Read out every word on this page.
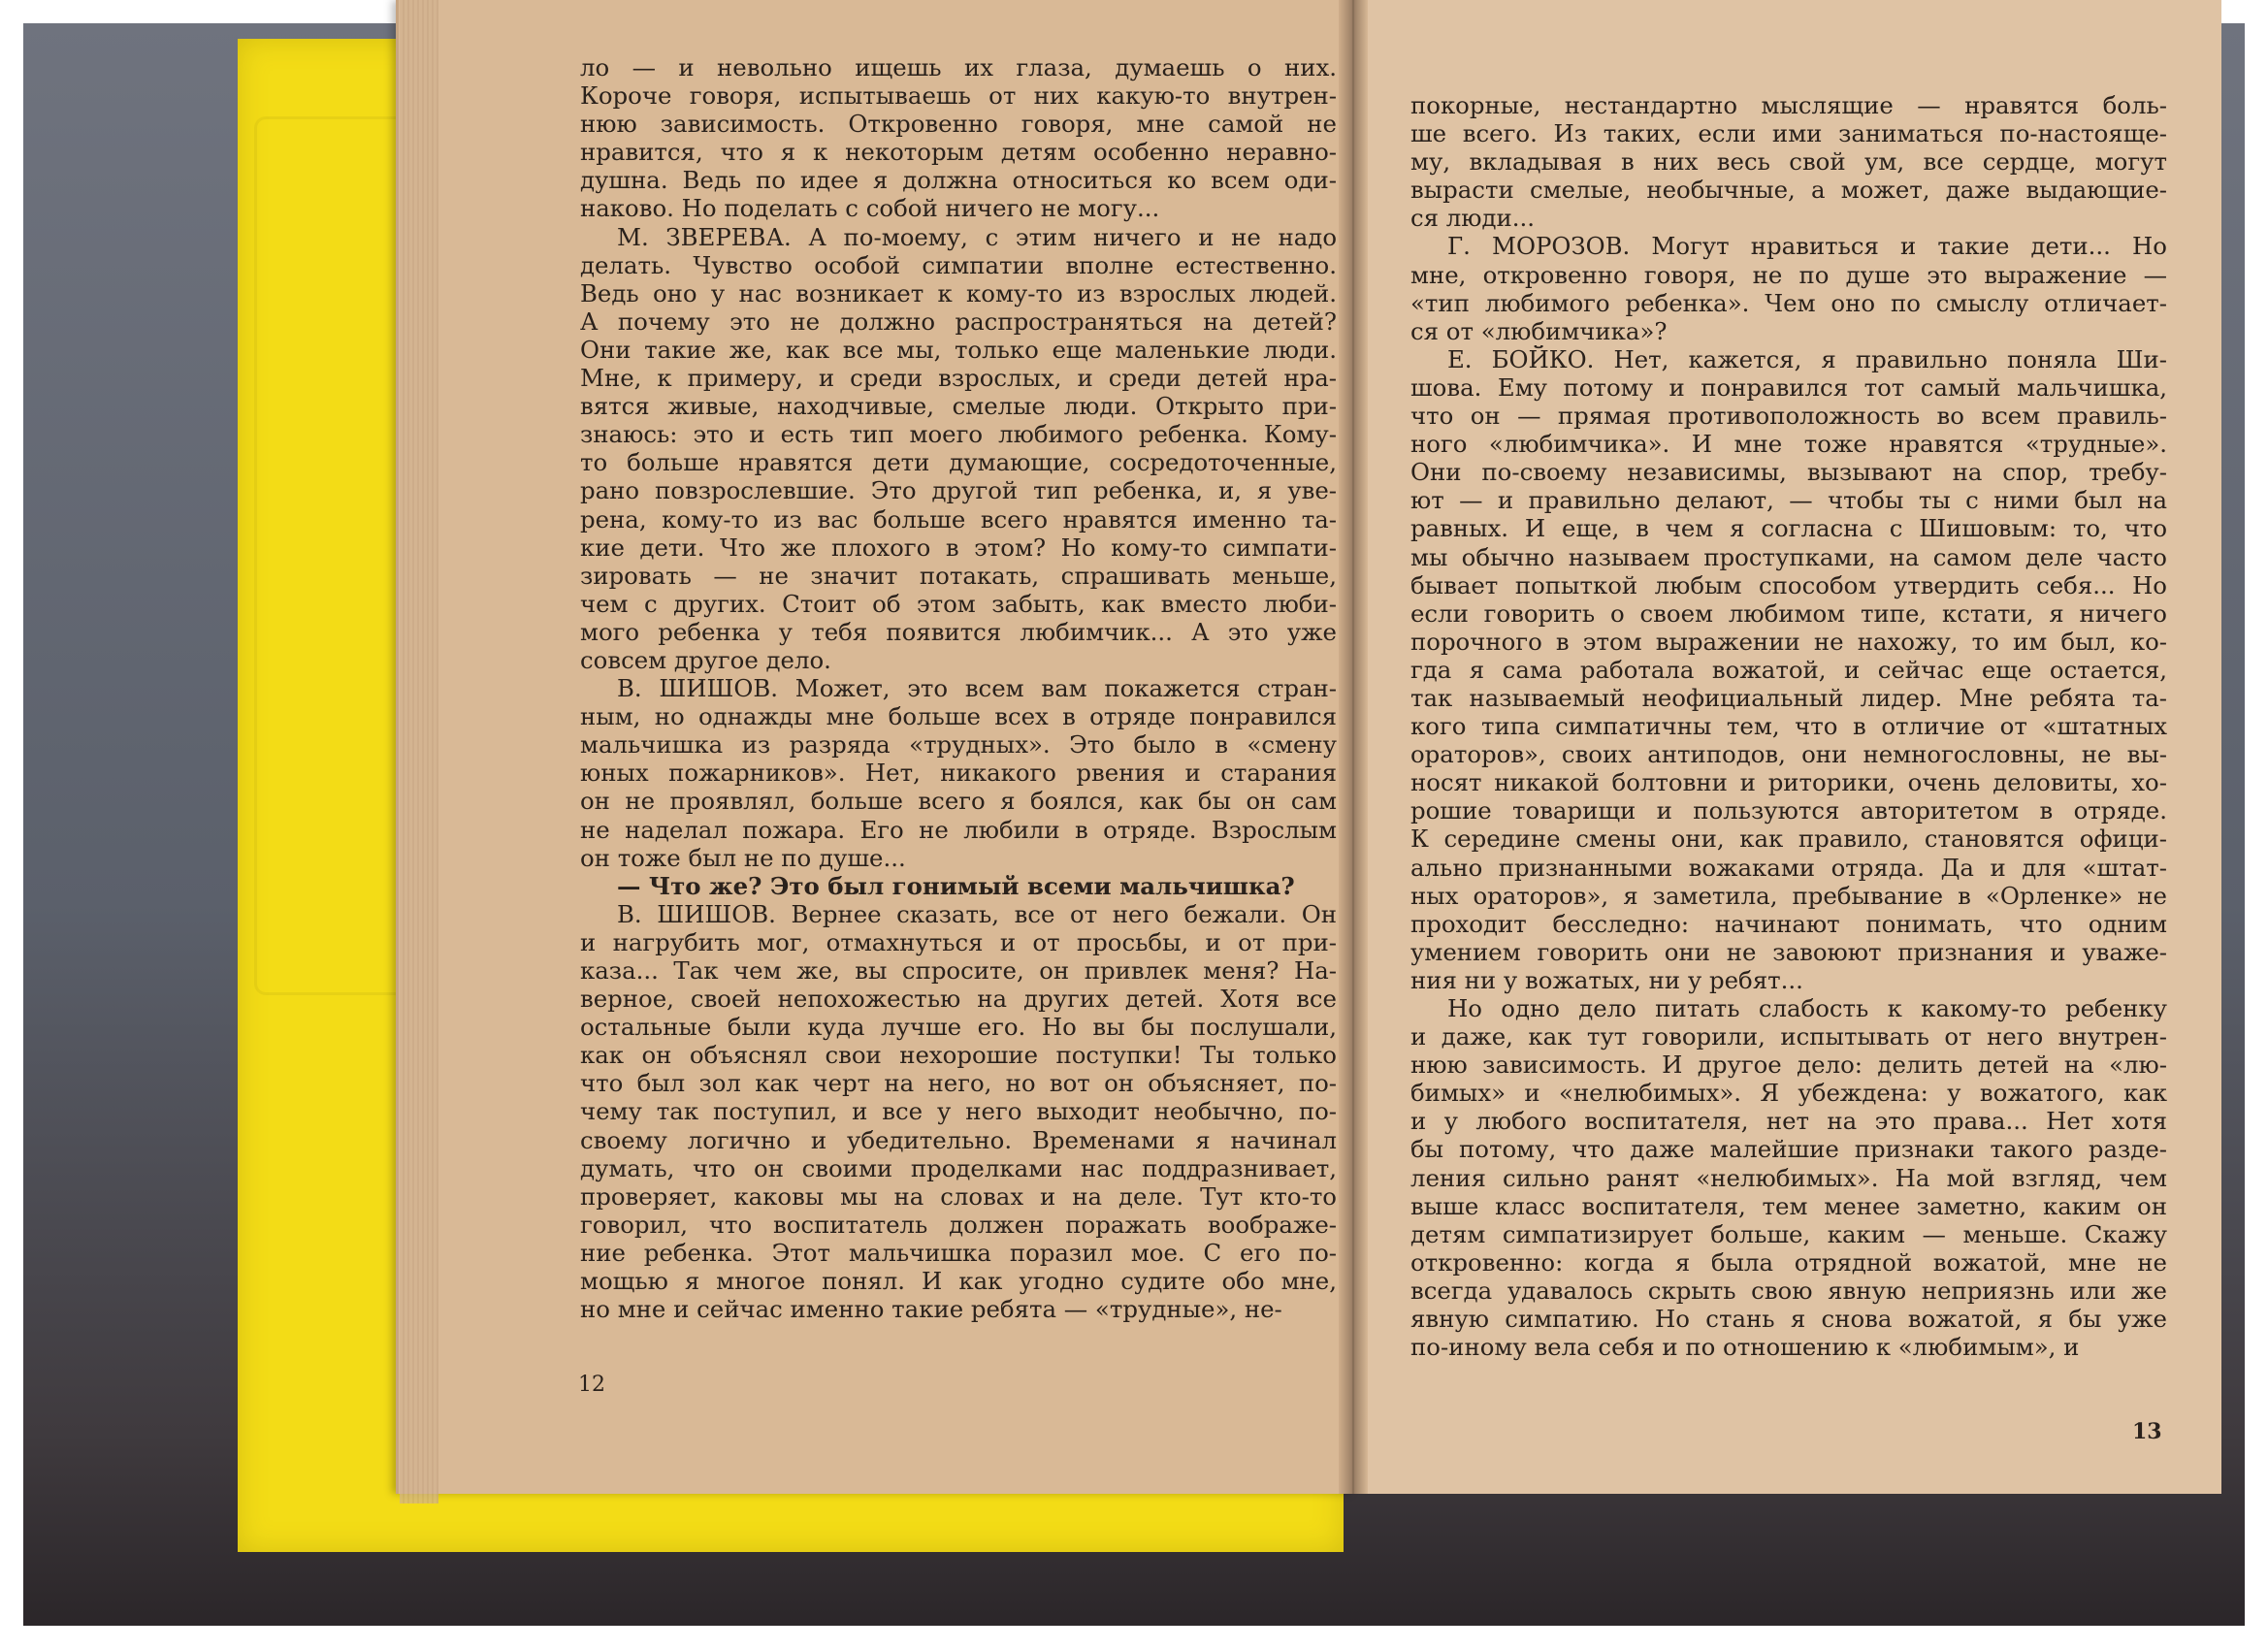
ло — и невольно ищешь их глаза, думаешь о них.
Короче говоря, испытываешь от них какую-то внутрен-
нюю зависимость. Откровенно говоря, мне самой не
нравится, что я к некоторым детям особенно неравно-
душна. Ведь по идее я должна относиться ко всем оди-
наково. Но поделать с собой ничего не могу...
М. ЗВЕРЕВА. А по-моему, с этим ничего и не надо
делать. Чувство особой симпатии вполне естественно.
Ведь оно у нас возникает к кому-то из взрослых людей.
А почему это не должно распространяться на детей?
Они такие же, как все мы, только еще маленькие люди.
Мне, к примеру, и среди взрослых, и среди детей нра-
вятся живые, находчивые, смелые люди. Открыто при-
знаюсь: это и есть тип моего любимого ребенка. Кому-
то больше нравятся дети думающие, сосредоточенные,
рано повзрослевшие. Это другой тип ребенка, и, я уве-
рена, кому-то из вас больше всего нравятся именно та-
кие дети. Что же плохого в этом? Но кому-то симпати-
зировать — не значит потакать, спрашивать меньше,
чем с других. Стоит об этом забыть, как вместо люби-
мого ребенка у тебя появится любимчик... А это уже
совсем другое дело.
В. ШИШОВ. Может, это всем вам покажется стран-
ным, но однажды мне больше всех в отряде понравился
мальчишка из разряда «трудных». Это было в «смену
юных пожарников». Нет, никакого рвения и старания
он не проявлял, больше всего я боялся, как бы он сам
не наделал пожара. Его не любили в отряде. Взрослым
он тоже был не по душе...
— Что же? Это был гонимый всеми мальчишка?
В. ШИШОВ. Вернее сказать, все от него бежали. Он
и нагрубить мог, отмахнуться и от просьбы, и от при-
каза... Так чем же, вы спросите, он привлек меня? На-
верное, своей непохожестью на других детей. Хотя все
остальные были куда лучше его. Но вы бы послушали,
как он объяснял свои нехорошие поступки! Ты только
что был зол как черт на него, но вот он объясняет, по-
чему так поступил, и все у него выходит необычно, по-
своему логично и убедительно. Временами я начинал
думать, что он своими проделками нас поддразнивает,
проверяет, каковы мы на словах и на деле. Тут кто-то
говорил, что воспитатель должен поражать воображе-
ние ребенка. Этот мальчишка поразил мое. С его по-
мощью я многое понял. И как угодно судите обо мне,
но мне и сейчас именно такие ребята — «трудные», не-
покорные, нестандартно мыслящие — нравятся боль-
ше всего. Из таких, если ими заниматься по-настояще-
му, вкладывая в них весь свой ум, все сердце, могут
вырасти смелые, необычные, а может, даже выдающие-
ся люди...
Г. МОРОЗОВ. Могут нравиться и такие дети... Но
мне, откровенно говоря, не по душе это выражение —
«тип любимого ребенка». Чем оно по смыслу отличает-
ся от «любимчика»?
Е. БОЙКО. Нет, кажется, я правильно поняла Ши-
шова. Ему потому и понравился тот самый мальчишка,
что он — прямая противоположность во всем правиль-
ного «любимчика». И мне тоже нравятся «трудные».
Они по-своему независимы, вызывают на спор, требу-
ют — и правильно делают, — чтобы ты с ними был на
равных. И еще, в чем я согласна с Шишовым: то, что
мы обычно называем проступками, на самом деле часто
бывает попыткой любым способом утвердить себя... Но
если говорить о своем любимом типе, кстати, я ничего
порочного в этом выражении не нахожу, то им был, ко-
гда я сама работала вожатой, и сейчас еще остается,
так называемый неофициальный лидер. Мне ребята та-
кого типа симпатичны тем, что в отличие от «штатных
ораторов», своих антиподов, они немногословны, не вы-
носят никакой болтовни и риторики, очень деловиты, хо-
рошие товарищи и пользуются авторитетом в отряде.
К середине смены они, как правило, становятся офици-
ально признанными вожаками отряда. Да и для «штат-
ных ораторов», я заметила, пребывание в «Орленке» не
проходит бесследно: начинают понимать, что одним
умением говорить они не завоюют признания и уваже-
ния ни у вожатых, ни у ребят...
Но одно дело питать слабость к какому-то ребенку
и даже, как тут говорили, испытывать от него внутрен-
нюю зависимость. И другое дело: делить детей на «лю-
бимых» и «нелюбимых». Я убеждена: у вожатого, как
и у любого воспитателя, нет на это права... Нет хотя
бы потому, что даже малейшие признаки такого разде-
ления сильно ранят «нелюбимых». На мой взгляд, чем
выше класс воспитателя, тем менее заметно, каким он
детям симпатизирует больше, каким — меньше. Скажу
откровенно: когда я была отрядной вожатой, мне не
всегда удавалось скрыть свою явную неприязнь или же
явную симпатию. Но стань я снова вожатой, я бы уже
по-иному вела себя и по отношению к «любимым», и
12
13
